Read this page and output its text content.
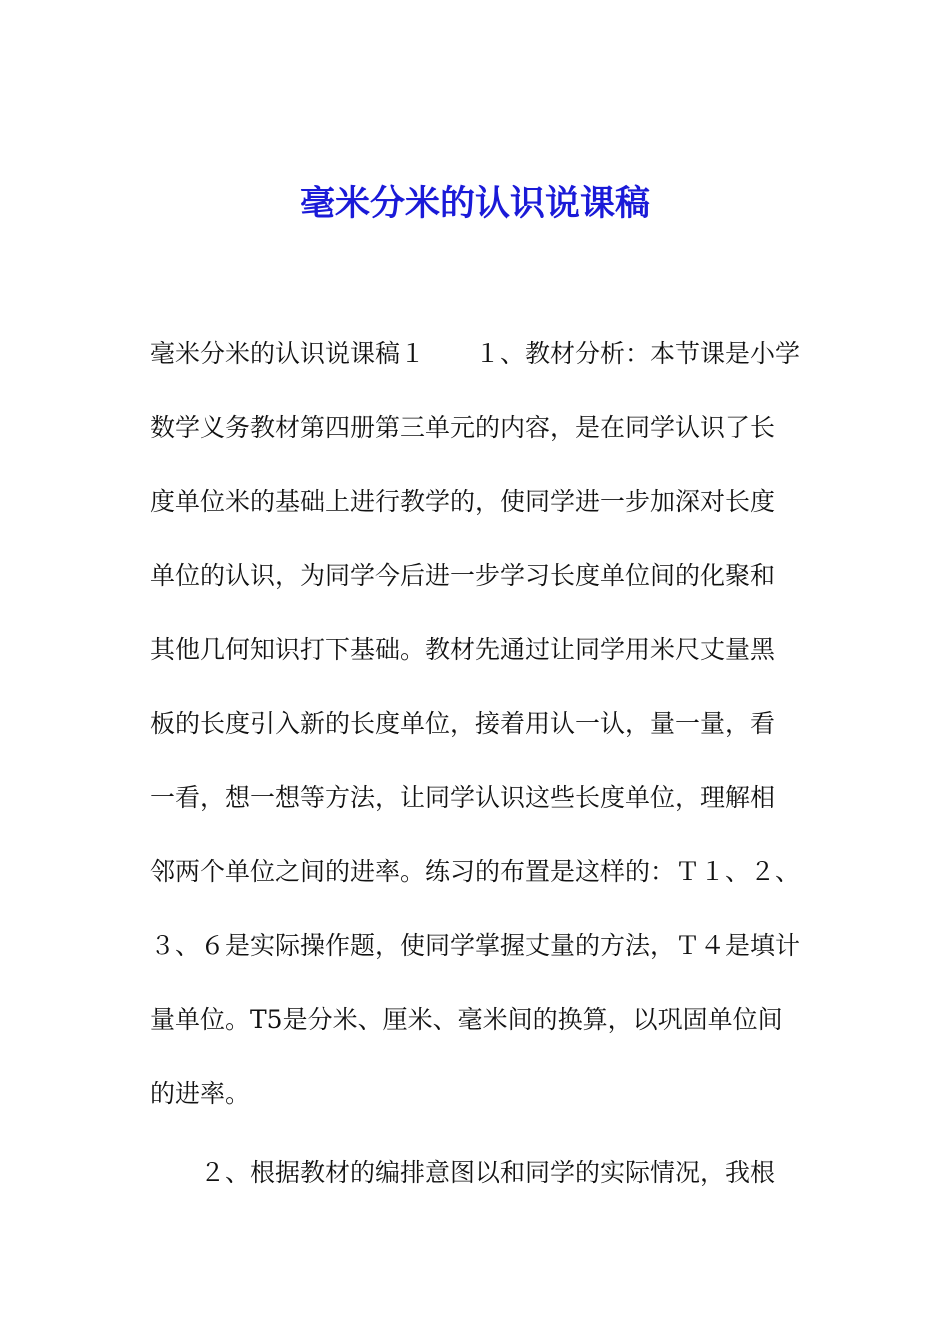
毫米分米的认识说课稿
毫米分米的认识说课稿１　　１、教材分析：本节课是小学
数学义务教材第四册第三单元的内容，是在同学认识了长
度单位米的基础上进行教学的，使同学进一步加深对长度
单位的认识，为同学今后进一步学习长度单位间的化聚和
其他几何知识打下基础。教材先通过让同学用米尺丈量黑
板的长度引入新的长度单位，接着用认一认，量一量，看
一看，想一想等方法，让同学认识这些长度单位，理解相
邻两个单位之间的进率。练习的布置是这样的：Ｔ１、２、
３、６是实际操作题，使同学掌握丈量的方法，Ｔ４是填计
量单位。T5是分米、厘米、毫米间的换算，以巩固单位间
的进率。
２、根据教材的编排意图以和同学的实际情况，我根
